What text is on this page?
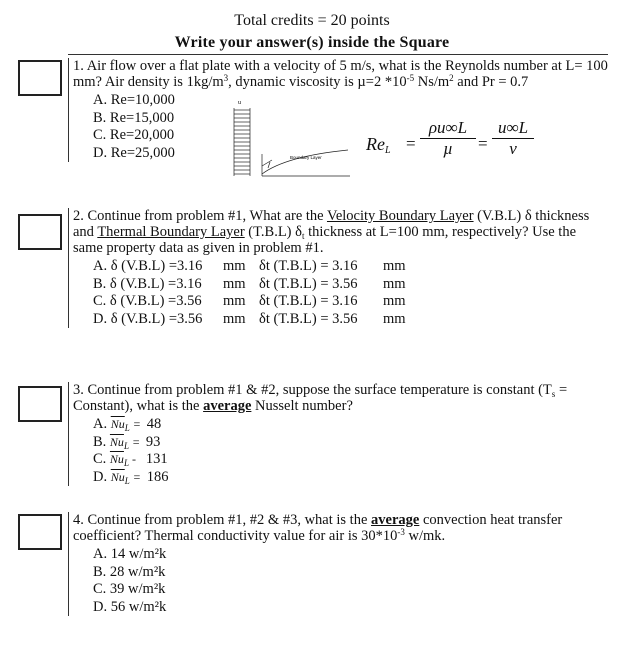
Total credits = 20 points
Write your answer(s) inside the Square

1. Air flow over a flat plate with a velocity of 5 m/s, what is the Reynolds number at L= 100 mm? Air density is $1kg/m^3$, dynamic viscosity is µ=2 $*10^{-5}$ $Ns/m^2$ and Pr = 0.7

A. Re=10,000
B. Re=15,000
C. Re=20,000
D. Re=25,000
u
Boundary Layer
$Re_L$ =
ρu∞L
µ	= $\frac{u\infty L}{\nu}$

2. Continue from problem #1, What are the Velocity Boundary Layer (V.B.L) δ thickness and Thermal Boundary Layer (T.B.L) $\delta_t$ thickness at L=100 mm, respectively? Use the same property data as given in problem #1.

A. δ (V.B.L) =3.16 mm δt (T.B.L) = 3.16 mm
B. δ (V.B.L) =3.16 mm δt (T.B.L) = 3.56 mm
C. δ (V.B.L) =3.56 mm δt (T.B.L) = 3.16 mm
D. δ (V.B.L) =3.56 mm δt (T.B.L) = 3.56 mm

3. Continue from problem #1 & #2, suppose the surface temperature is constant ($T_s$ = Constant), what is the average Nusselt number?

A. $\overline{Nu}_L = 48$
B. $\overline{Nu}_L = 93$
C. $\overline{Nu}_L - 131$
D. $\overline{Nu}_L = 186$

4. Continue from problem #1, #2 & #3, what is the average convection heat transfer coefficient? Thermal conductivity value for air is $30*10^{-3}$ w/mk.

A. 14 w/m²k
B. 28 w/m²k
C. 39 w/m²k
D. 56 w/m²k
